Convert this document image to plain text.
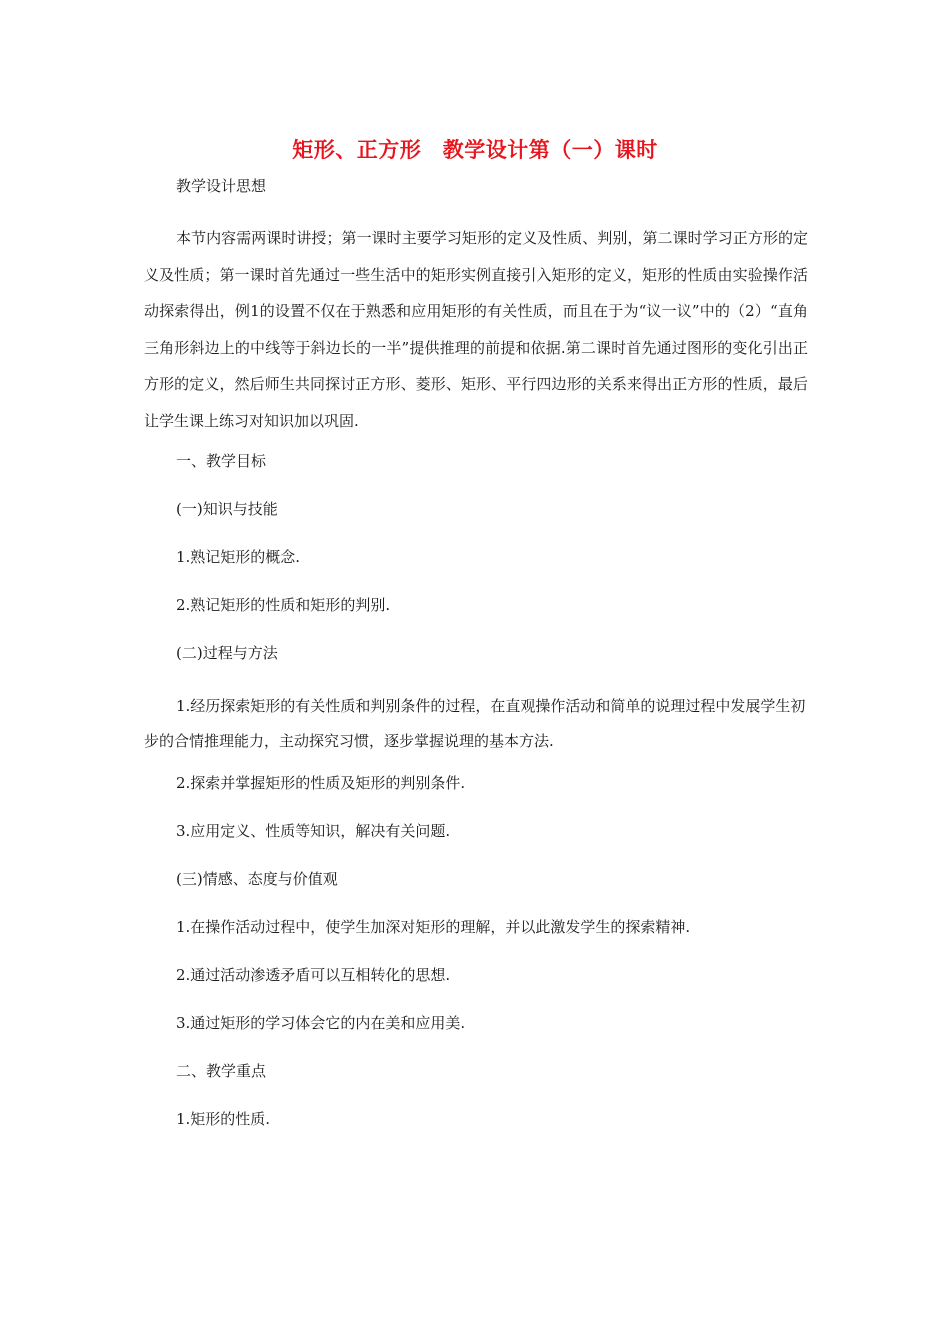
矩形、正方形　教学设计第（一）课时

教学设计思想

本节内容需两课时讲授；第一课时主要学习矩形的定义及性质、判别，第二课时学习正方形的定义及性质；第一课时首先通过一些生活中的矩形实例直接引入矩形的定义，矩形的性质由实验操作活动探索得出，例1的设置不仅在于熟悉和应用矩形的有关性质，而且在于为“议一议”中的（2）“直角三角形斜边上的中线等于斜边长的一半”提供推理的前提和依据.第二课时首先通过图形的变化引出正方形的定义，然后师生共同探讨正方形、菱形、矩形、平行四边形的关系来得出正方形的性质，最后让学生课上练习对知识加以巩固.

一、教学目标

(一)知识与技能

1.熟记矩形的概念.

2.熟记矩形的性质和矩形的判别.

(二)过程与方法

1.经历探索矩形的有关性质和判别条件的过程，在直观操作活动和简单的说理过程中发展学生初步的合情推理能力，主动探究习惯，逐步掌握说理的基本方法.

2.探索并掌握矩形的性质及矩形的判别条件.

3.应用定义、性质等知识，解决有关问题.

(三)情感、态度与价值观

1.在操作活动过程中，使学生加深对矩形的理解，并以此激发学生的探索精神.

2.通过活动渗透矛盾可以互相转化的思想.

3.通过矩形的学习体会它的内在美和应用美.

二、教学重点

1.矩形的性质.
